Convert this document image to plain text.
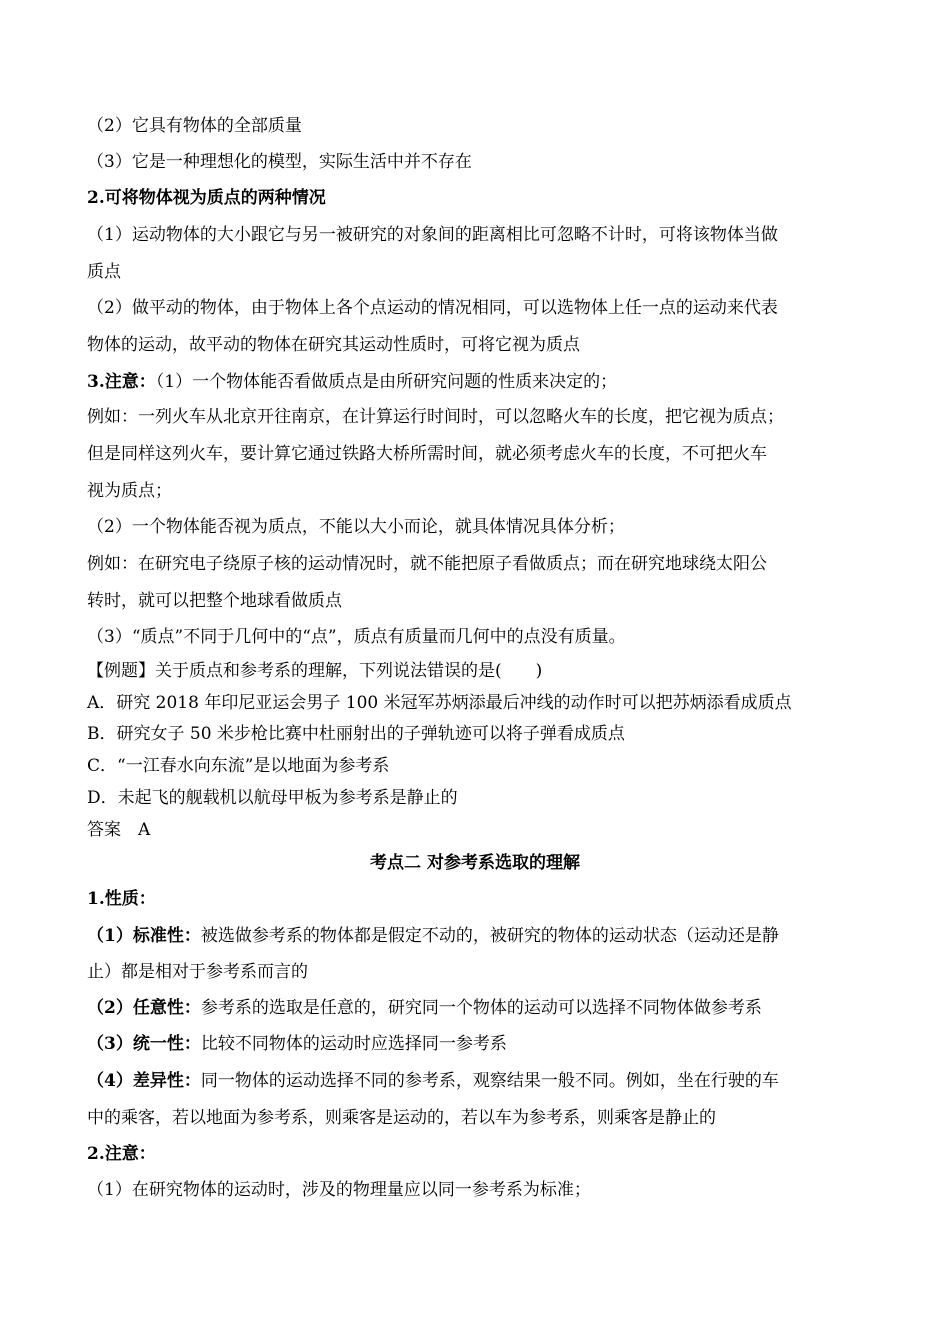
（2）它具有物体的全部质量
（3）它是一种理想化的模型，实际生活中并不存在
2.可将物体视为质点的两种情况
（1）运动物体的大小跟它与另一被研究的对象间的距离相比可忽略不计时，可将该物体当做
质点
（2）做平动的物体，由于物体上各个点运动的情况相同，可以选物体上任一点的运动来代表
物体的运动，故平动的物体在研究其运动性质时，可将它视为质点
3.注意：（1）一个物体能否看做质点是由所研究问题的性质来决定的；
例如：一列火车从北京开往南京，在计算运行时间时，可以忽略火车的长度，把它视为质点；
但是同样这列火车，要计算它通过铁路大桥所需时间，就必须考虑火车的长度，不可把火车
视为质点；
（2）一个物体能否视为质点，不能以大小而论，就具体情况具体分析；
例如：在研究电子绕原子核的运动情况时，就不能把原子看做质点；而在研究地球绕太阳公
转时，就可以把整个地球看做质点
（3）“质点”不同于几何中的“点”，质点有质量而几何中的点没有质量。
【例题】关于质点和参考系的理解，下列说法错误的是(　　)
A．研究 2018 年印尼亚运会男子 100 米冠军苏炳添最后冲线的动作时可以把苏炳添看成质点
B．研究女子 50 米步枪比赛中杜丽射出的子弹轨迹可以将子弹看成质点
C．“一江春水向东流”是以地面为参考系
D．未起飞的舰载机以航母甲板为参考系是静止的
答案　A
考点二 对参考系选取的理解
1.性质：
（1）标准性：被选做参考系的物体都是假定不动的，被研究的物体的运动状态（运动还是静
止）都是相对于参考系而言的
（2）任意性：参考系的选取是任意的，研究同一个物体的运动可以选择不同物体做参考系
（3）统一性：比较不同物体的运动时应选择同一参考系
（4）差异性：同一物体的运动选择不同的参考系，观察结果一般不同。例如，坐在行驶的车
中的乘客，若以地面为参考系，则乘客是运动的，若以车为参考系，则乘客是静止的
2.注意：
（1）在研究物体的运动时，涉及的物理量应以同一参考系为标准；
